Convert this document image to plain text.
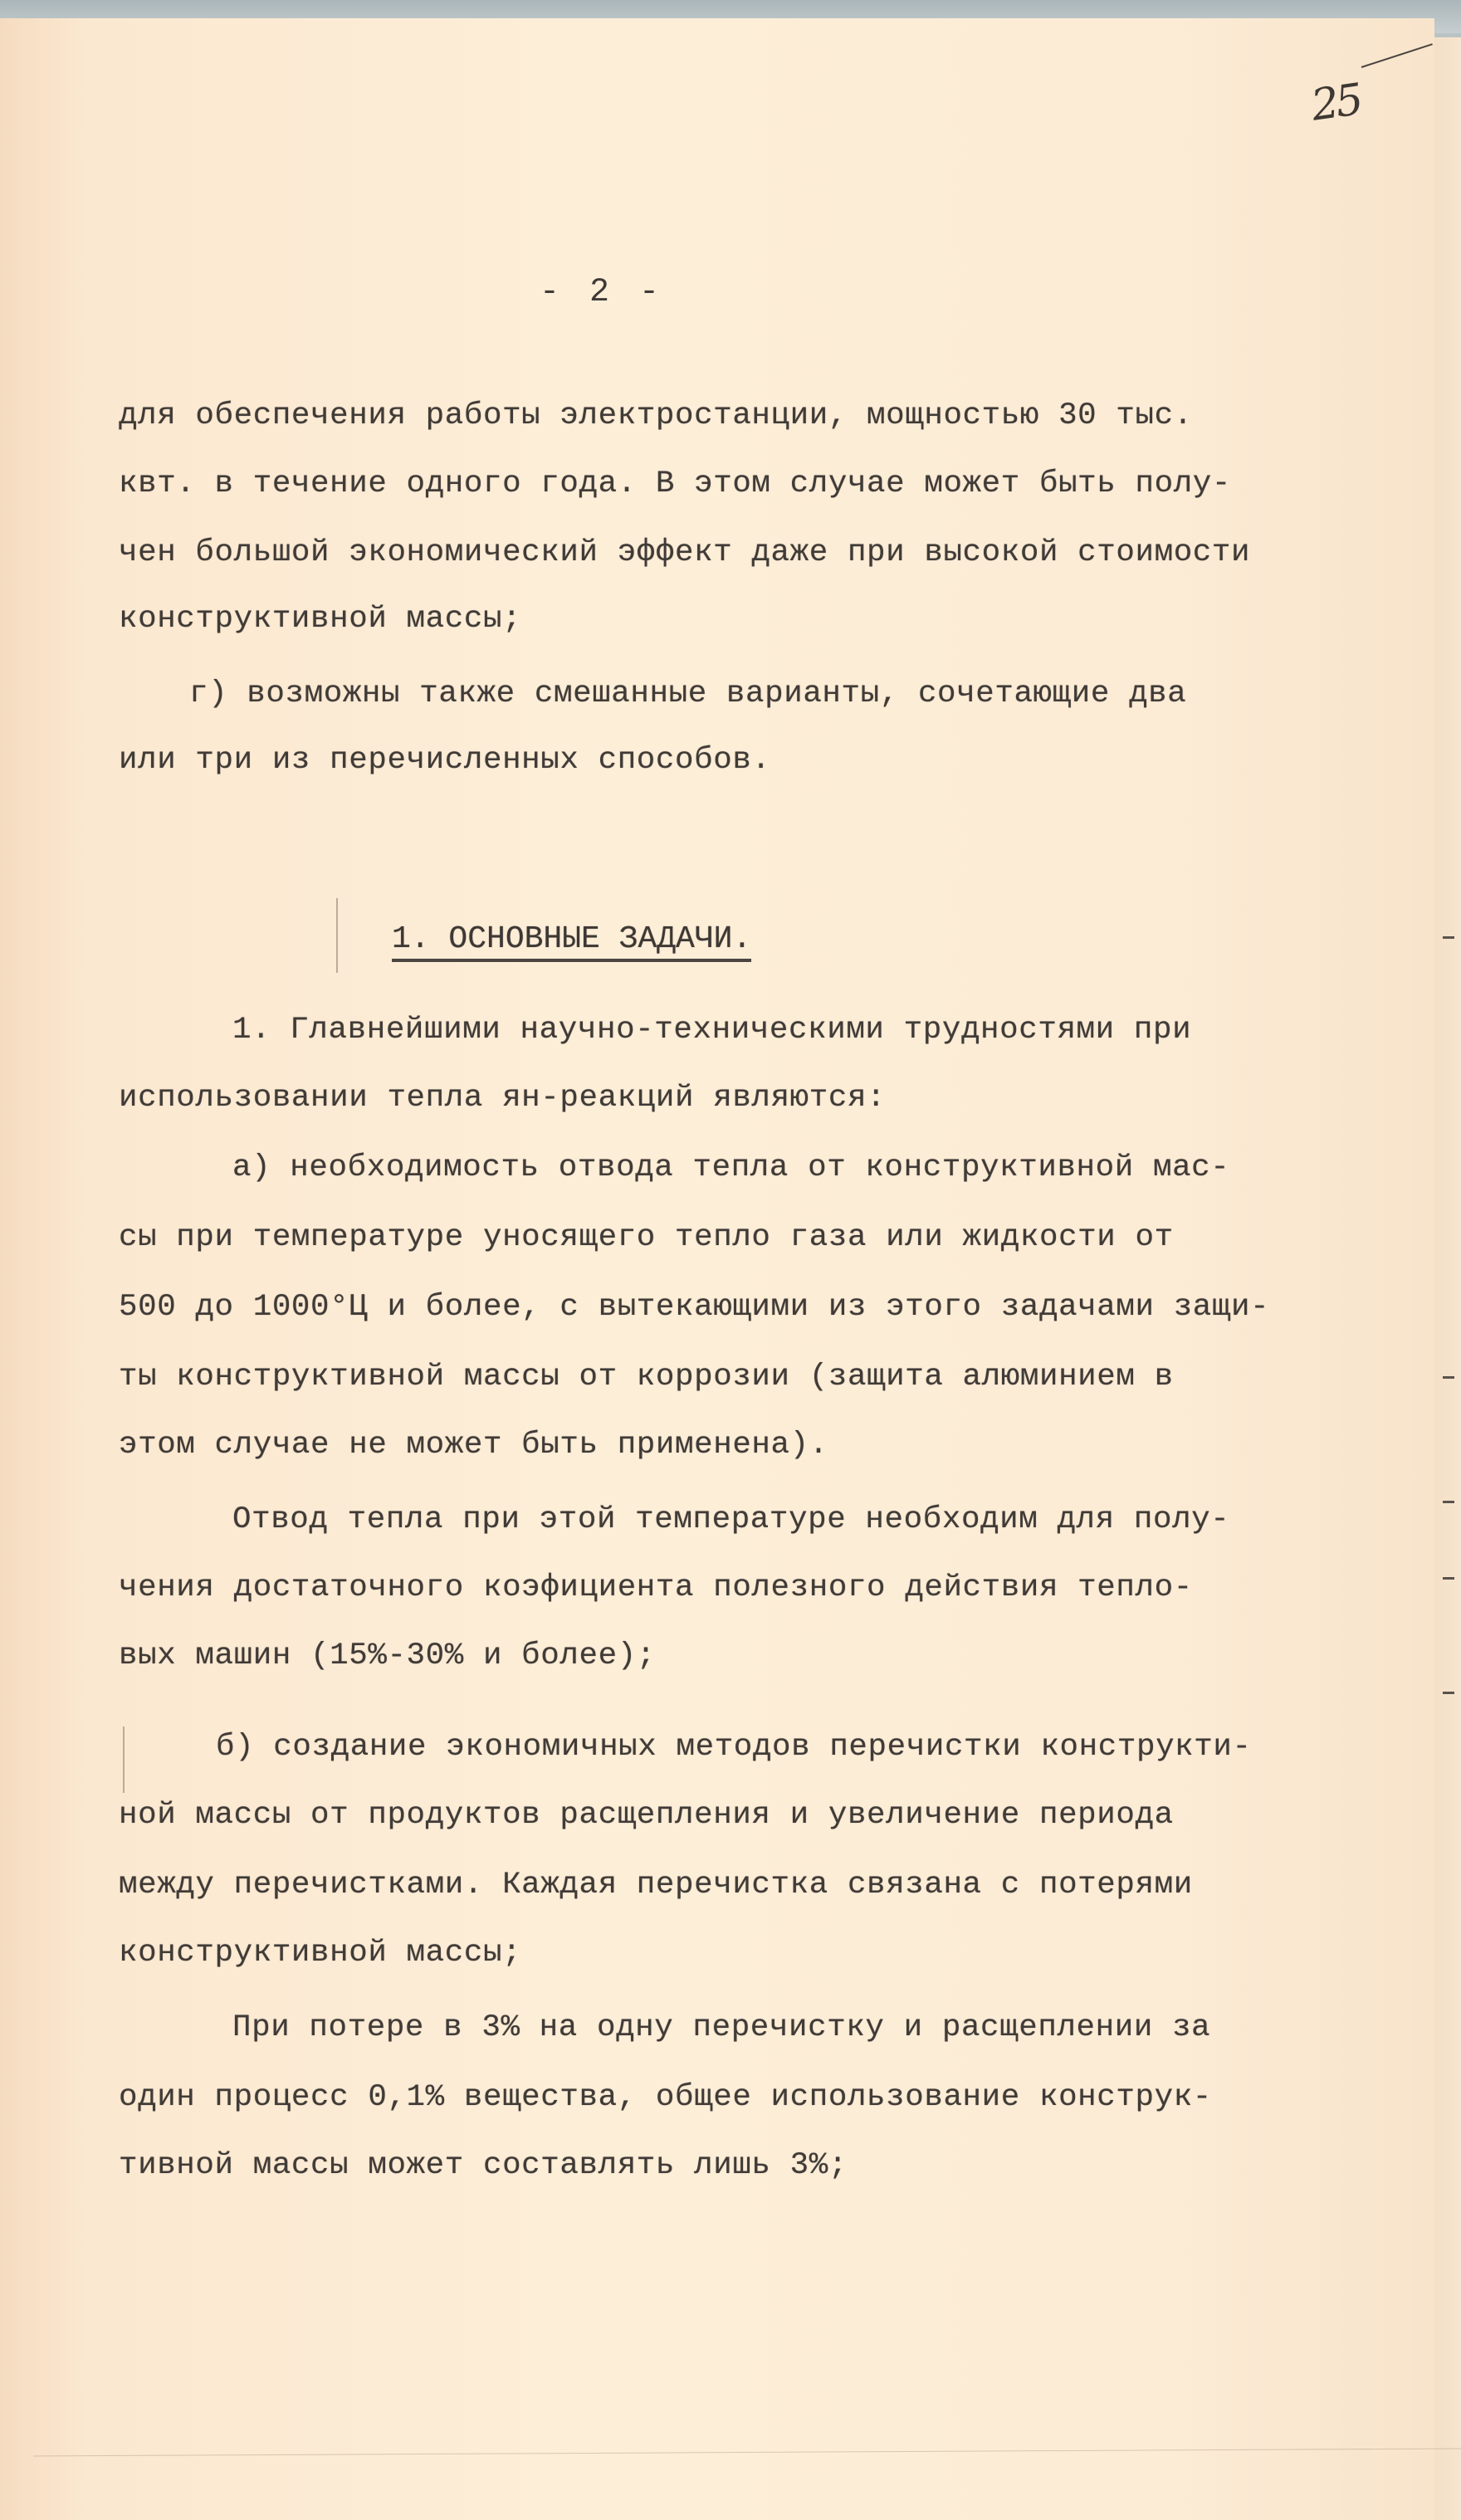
25
- 2 -
для обеспечения работы электростанции, мощностью 30 тыс.
квт. в течение одного года. В этом случае может быть полу-
чен большой экономический эффект даже при высокой стоимости
конструктивной массы;
г) возможны также смешанные варианты, сочетающие два
или три из перечисленных способов.
1. ОСНОВНЫЕ ЗАДАЧИ.
1. Главнейшими научно-техническими трудностями при
использовании тепла ян-реакций являются:
а) необходимость отвода тепла от конструктивной мас-
сы при температуре уносящего тепло газа или жидкости от
500 до 1000°Ц и более, с вытекающими из этого задачами защи-
ты конструктивной массы от коррозии (защита алюминием в
этом случае не может быть применена).
Отвод тепла при этой температуре необходим для полу-
чения достаточного коэфициента полезного действия тепло-
вых машин (15%-30% и более);
б) создание экономичных методов перечистки конструкти-
ной массы от продуктов расщепления и увеличение периода
между перечистками. Каждая перечистка связана с потерями
конструктивной массы;
При потере в 3% на одну перечистку и расщеплении за
один процесс 0,1% вещества, общее использование конструк-
тивной массы может составлять лишь 3%;
